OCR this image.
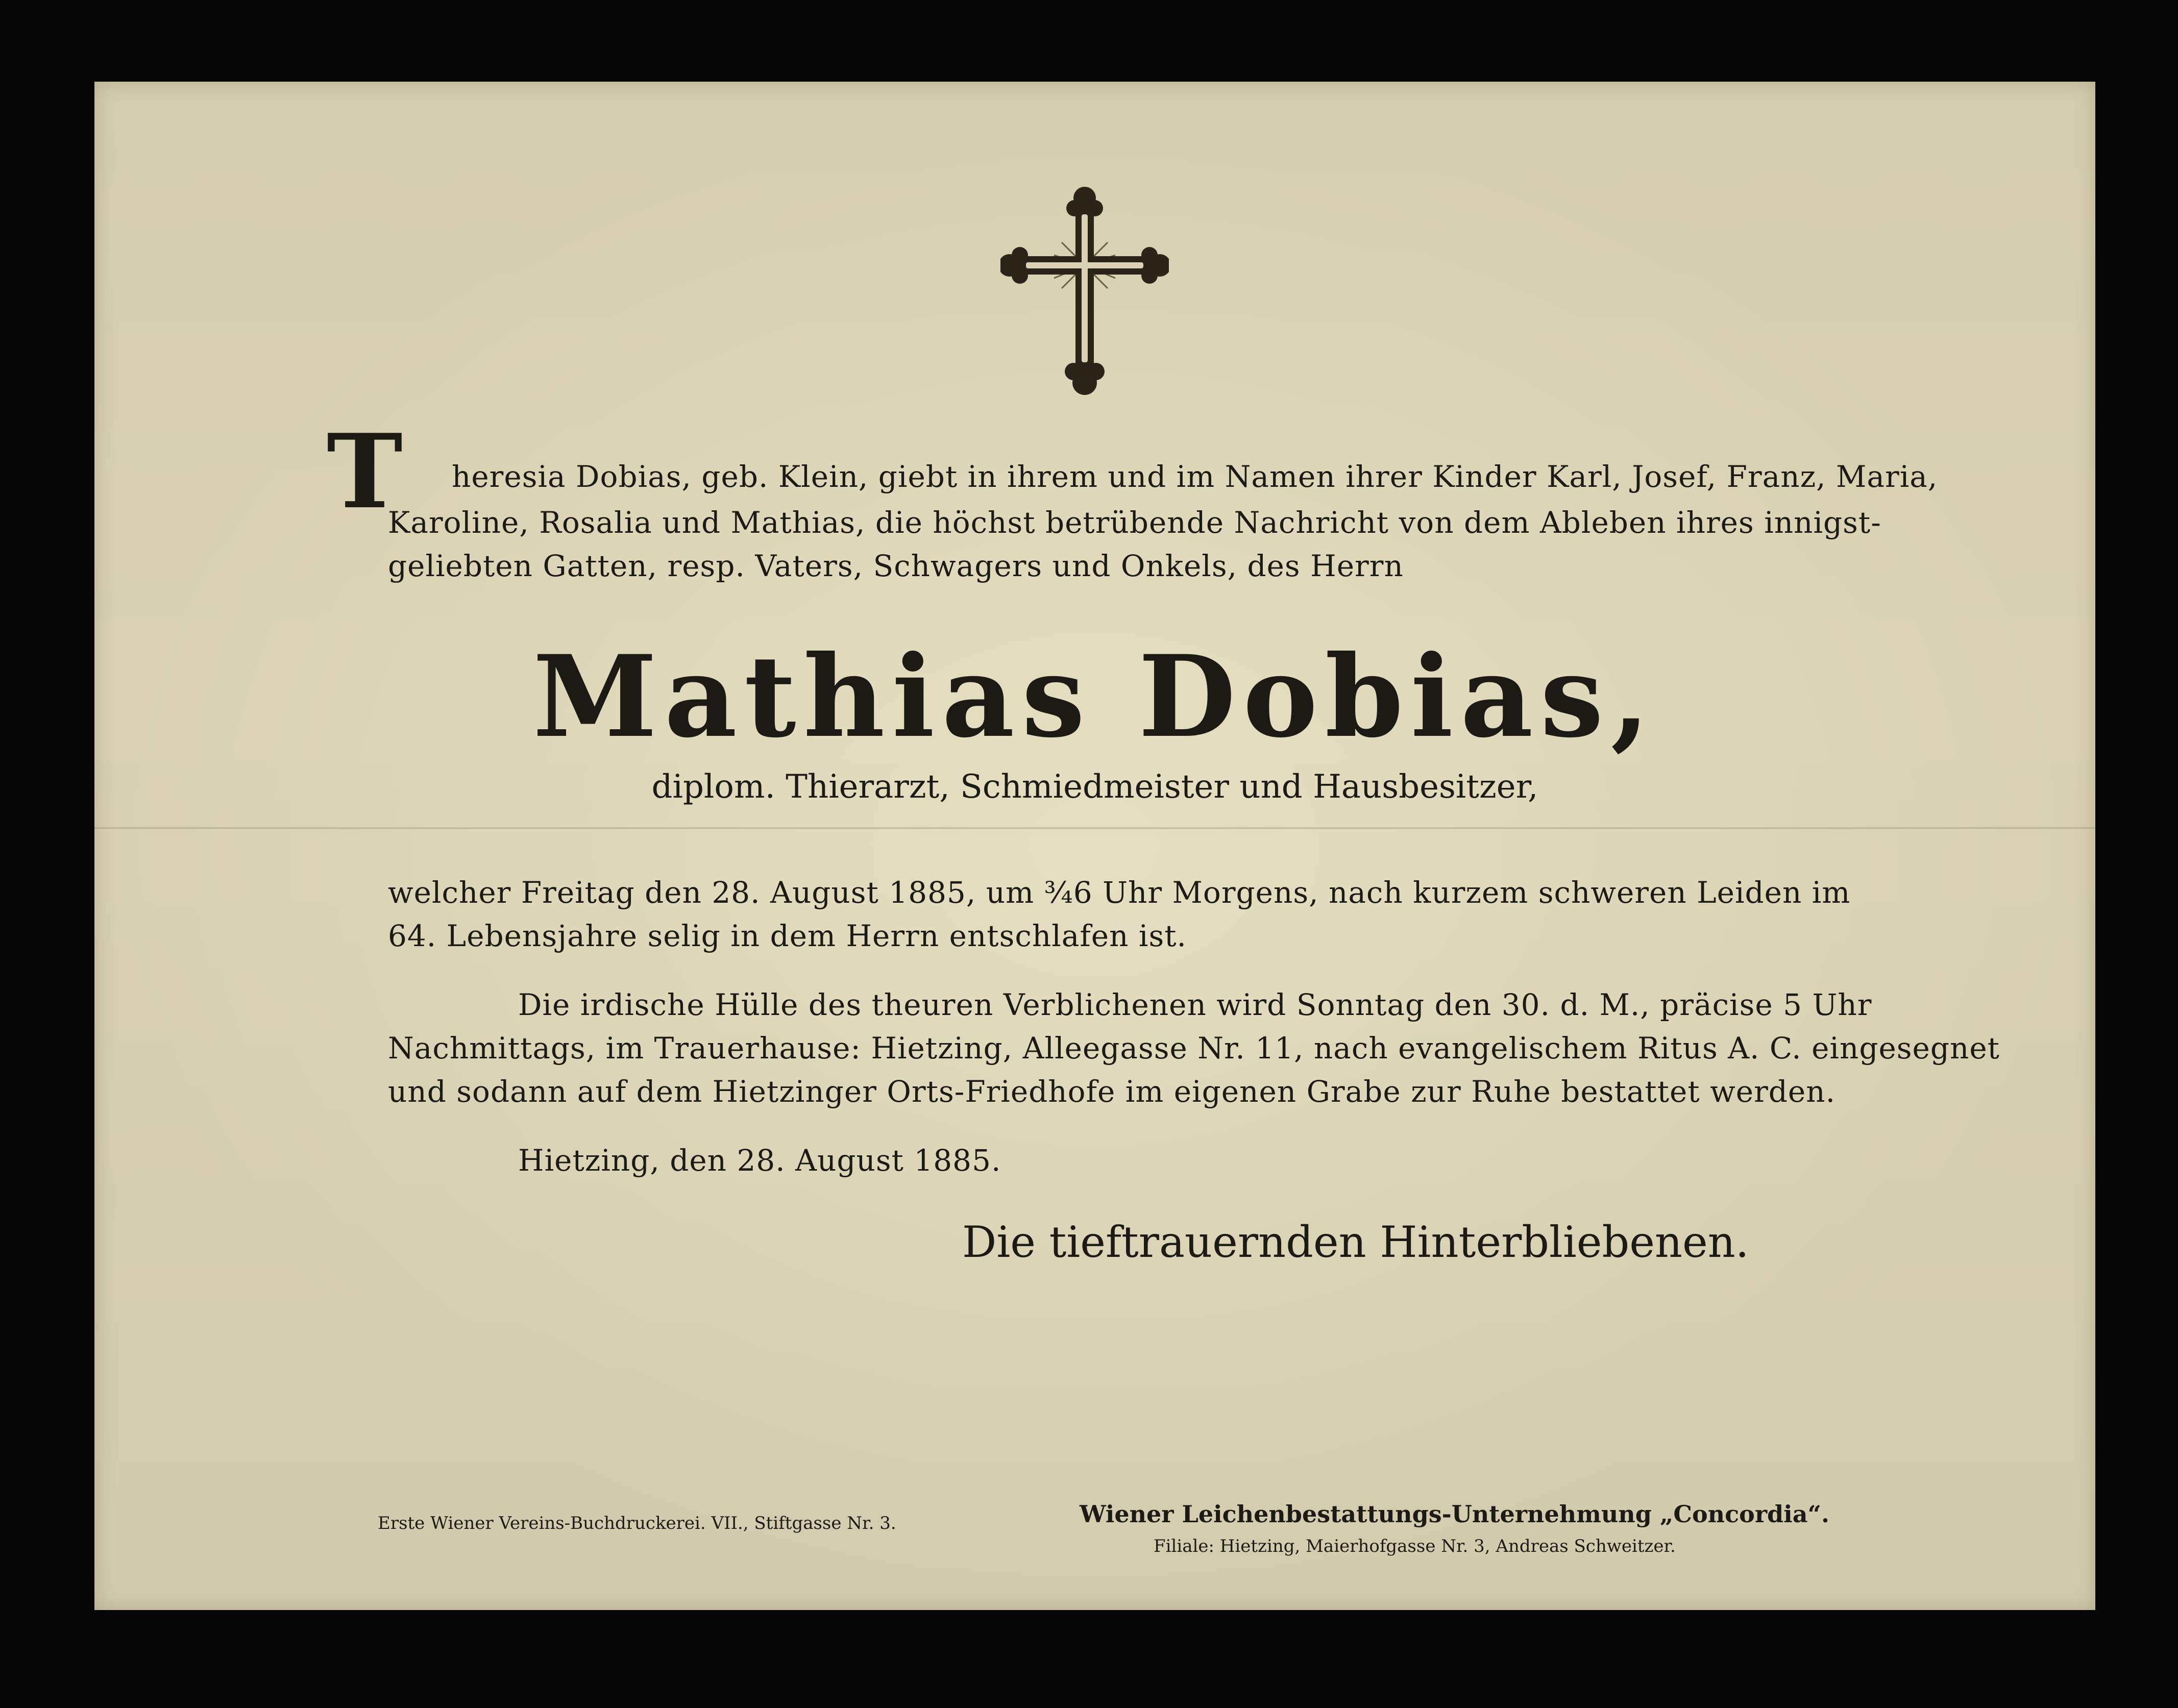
T heresia Dobias, geb. Klein, giebt in ihrem und im Namen ihrer Kinder Karl, Josef, Franz, Maria,

Karoline, Rosalia und Mathias, die höchst betrübende Nachricht von dem Ableben ihres innigst-

geliebten Gatten, resp. Vaters, Schwagers und Onkels, des Herrn

Mathias Dobias,

diplom. Thierarzt, Schmiedmeister und Hausbesitzer,

welcher Freitag den 28. August 1885, um ¾6 Uhr Morgens, nach kurzem schweren Leiden im

64. Lebensjahre selig in dem Herrn entschlafen ist.

Die irdische Hülle des theuren Verblichenen wird Sonntag den 30. d. M., präcise 5 Uhr

Nachmittags, im Trauerhause: Hietzing, Alleegasse Nr. 11, nach evangelischem Ritus A. C. eingesegnet

und sodann auf dem Hietzinger Orts-Friedhofe im eigenen Grabe zur Ruhe bestattet werden.

Hietzing, den 28. August 1885.

Die tieftrauernden Hinterbliebenen.

Erste Wiener Vereins-Buchdruckerei. VII., Stiftgasse Nr. 3.	Wiener Leichenbestattungs-Unternehmung „Concordia“.

Filiale: Hietzing, Maierhofgasse Nr. 3, Andreas Schweitzer.
